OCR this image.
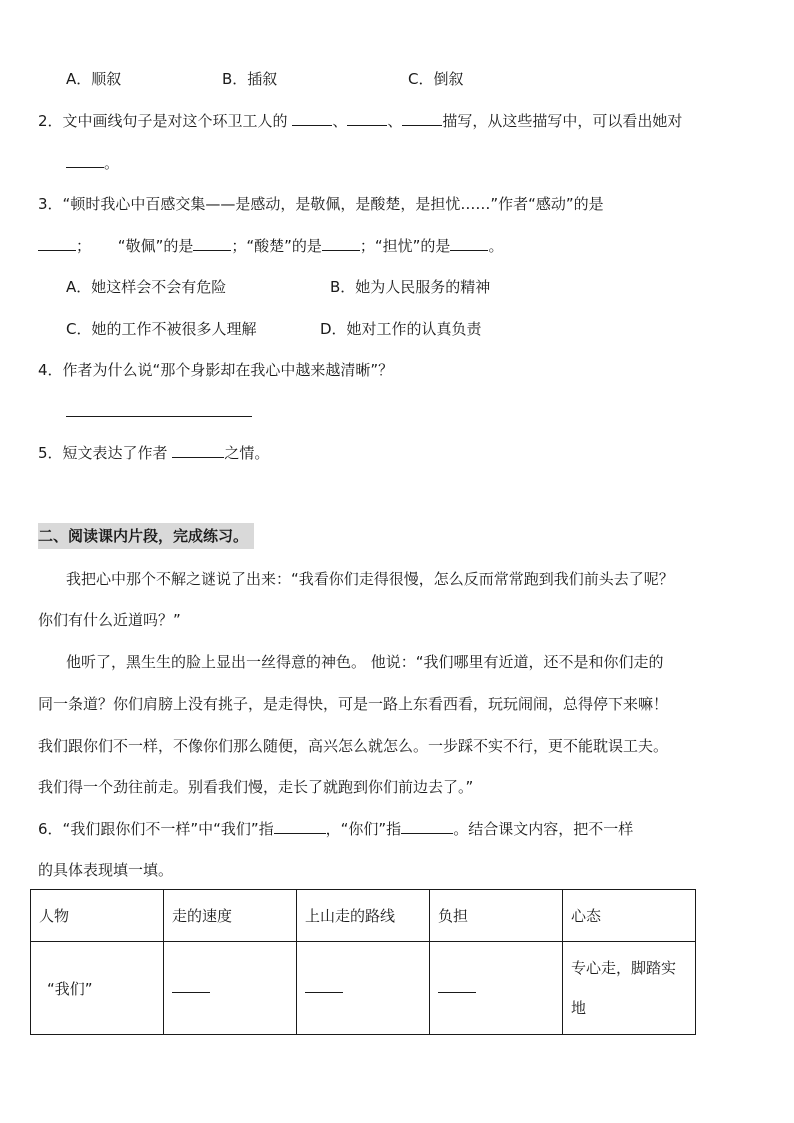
A．顺叙	B．插叙	C．倒叙
2．文中画线句子是对这个环卫工人的	、	、	描写，从这些描写中，可以看出她对
。
3．“顿时我心中百感交集——是感动，是敬佩，是酸楚，是担忧……”作者“感动”的是
； “敬佩”的是	；“酸楚”的是	；“担忧”的是	。
A．她这样会不会有危险	B．她为人民服务的精神
C．她的工作不被很多人理解	D．她对工作的认真负责
4．作者为什么说“那个身影却在我心中越来越清晰”？
5．短文表达了作者	之情。
二、阅读课内片段，完成练习。
我把心中那个不解之谜说了出来：“我看你们走得很慢，怎么反而常常跑到我们前头去了呢？
你们有什么近道吗？”
他听了，黑生生的脸上显出一丝得意的神色。 他说：“我们哪里有近道，还不是和你们走的
同一条道？你们肩膀上没有挑子，是走得快，可是一路上东看西看，玩玩闹闹，总得停下来嘛！
我们跟你们不一样，不像你们那么随便，高兴怎么就怎么。一步踩不实不行，更不能耽误工夫。
我们得一个劲往前走。别看我们慢，走长了就跑到你们前边去了。”
6．“我们跟你们不一样”中“我们”指	，“你们”指	。结合课文内容，把不一样
的具体表现填一填。
人物	走的速度	上山走的路线	负担	心态
“我们”				专心走，脚踏实地
